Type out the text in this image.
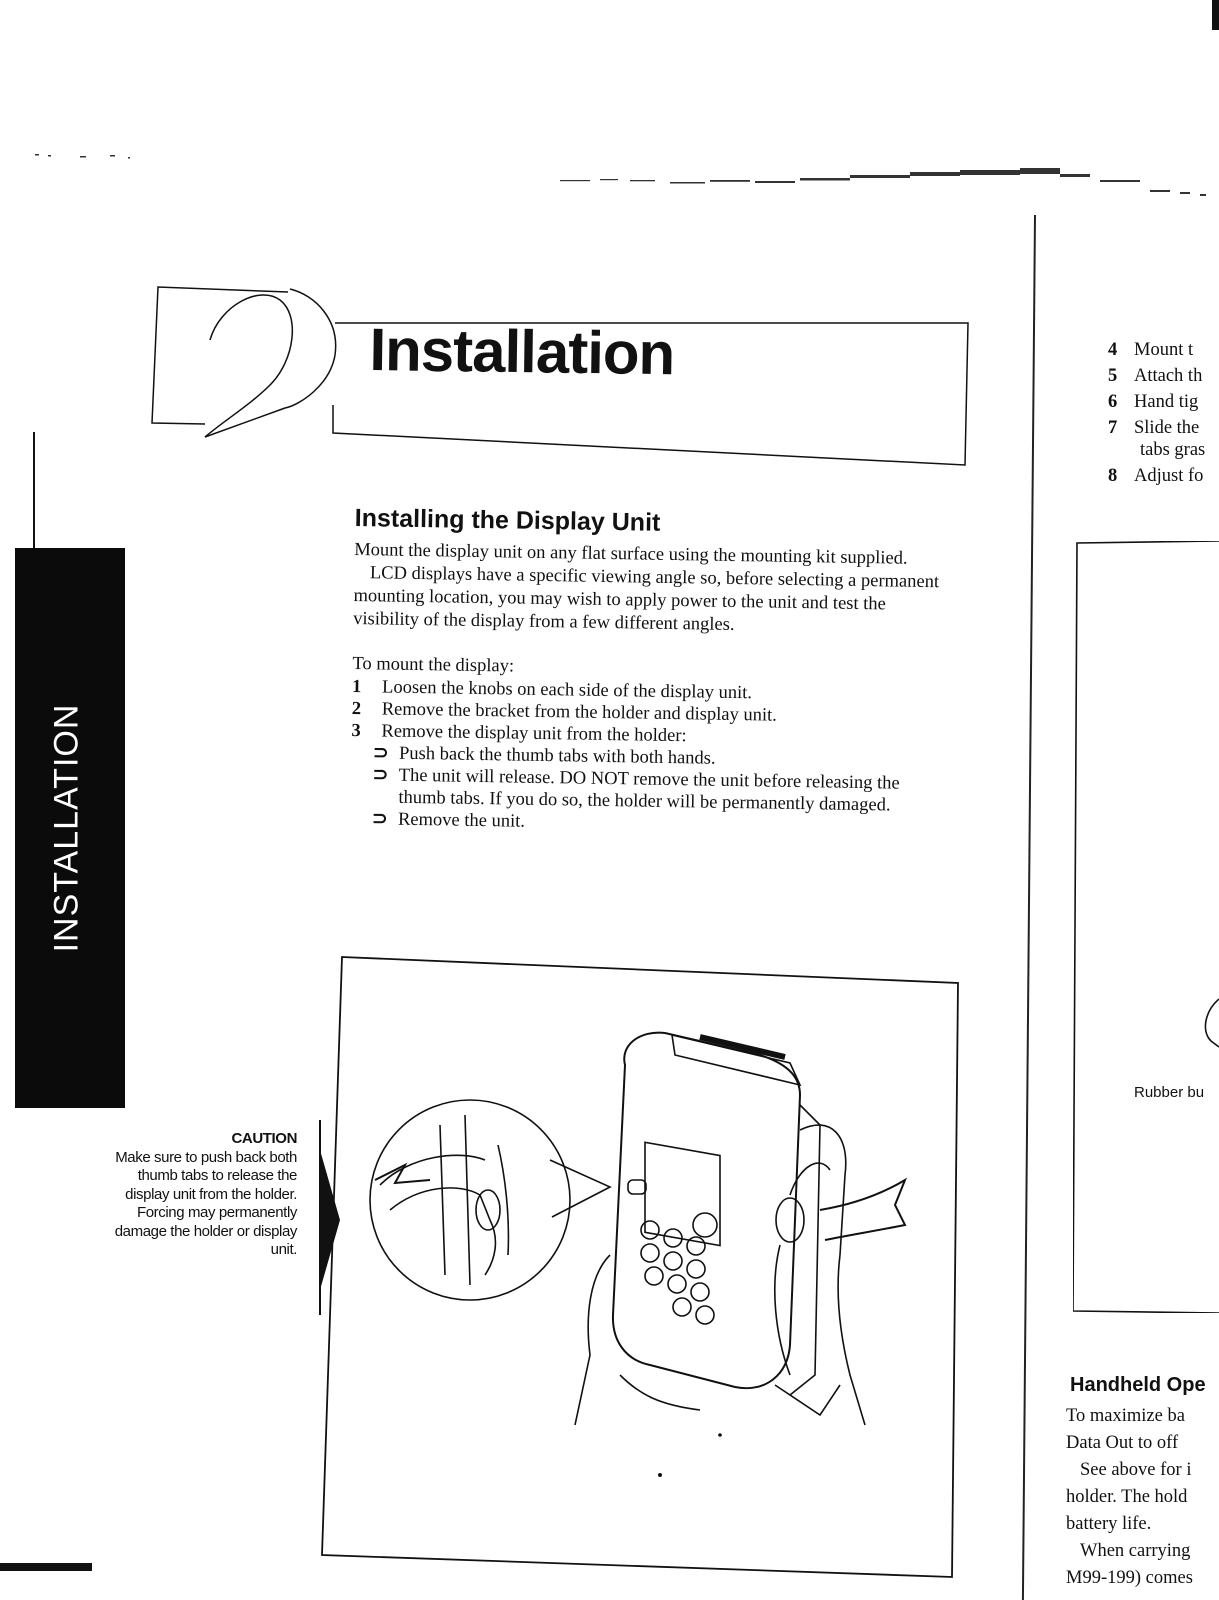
Installation
INSTALLATION
Installing the Display Unit

Mount the display unit on any flat surface using the mounting kit supplied.

LCD displays have a specific viewing angle so, before selecting a permanent mounting location, you may wish to apply power to the unit and test the visibility of the display from a few different angles.

To mount the display:

1	Loosen the knobs on each side of the display unit.
2	Remove the bracket from the holder and display unit.
3	Remove the display unit from the holder:
⊃ Push back the thumb tabs with both hands.
⊃ The unit will release. DO NOT remove the unit before releasing the thumb tabs. If you do so, the holder will be permanently damaged.
⊃ Remove the unit.
CAUTION
Make sure to push back both thumb tabs to release the display unit from the holder. Forcing may permanently damage the holder or display unit.
4 Mount t
5 Attach th
6 Hand tig
7 Slide the
tabs gras
8 Adjust fo
Rubber bu
Handheld Ope
To maximize ba
Data Out to off
See above for i
holder. The hold
battery life.
When carrying
M99-199) comes
